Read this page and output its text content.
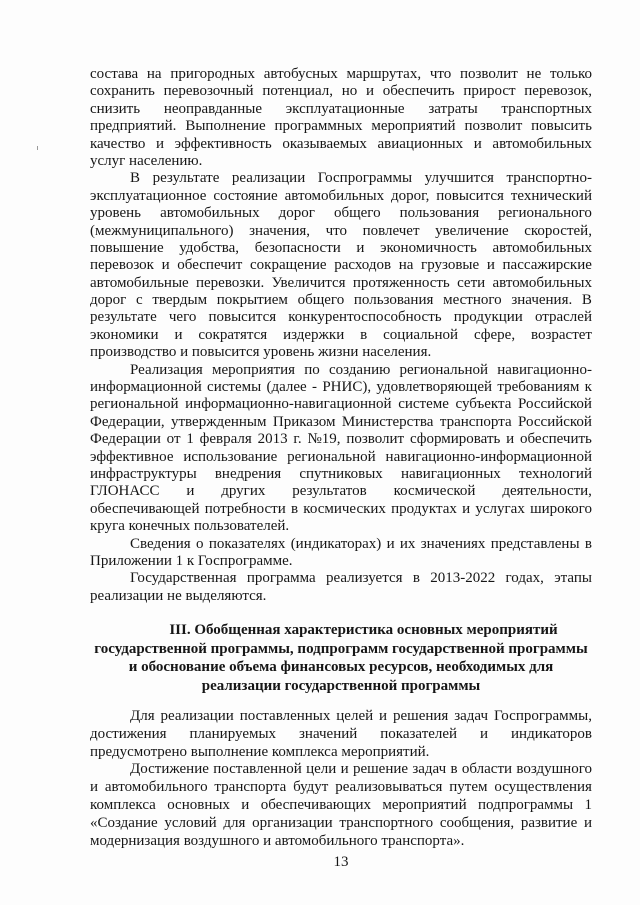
состава на пригородных автобусных маршрутах, что позволит не только
сохранить перевозочный потенциал, но и обеспечить прирост перевозок,
снизить неоправданные эксплуатационные затраты транспортных
предприятий. Выполнение программных мероприятий позволит повысить
качество и эффективность оказываемых авиационных и автомобильных
услуг населению.
В результате реализации Госпрограммы улучшится транспортно-
эксплуатационное состояние автомобильных дорог, повысится технический
уровень автомобильных дорог общего пользования регионального
(межмуниципального) значения, что повлечет увеличение скоростей,
повышение удобства, безопасности и экономичность автомобильных
перевозок и обеспечит сокращение расходов на грузовые и пассажирские
автомобильные перевозки. Увеличится протяженность сети автомобильных
дорог с твердым покрытием общего пользования местного значения. В
результате чего повысится конкурентоспособность продукции отраслей
экономики и сократятся издержки в социальной сфере, возрастет
производство и повысится уровень жизни населения.
Реализация мероприятия по созданию региональной навигационно-
информационной системы (далее - РНИС), удовлетворяющей требованиям к
региональной информационно-навигационной системе субъекта Российской
Федерации, утвержденным Приказом Министерства транспорта Российской
Федерации от 1 февраля 2013 г. №19, позволит сформировать и обеспечить
эффективное использование региональной навигационно-информационной
инфраструктуры внедрения спутниковых навигационных технологий
ГЛОНАСС и других результатов космической деятельности,
обеспечивающей потребности в космических продуктах и услугах широкого
круга конечных пользователей.
Сведения о показателях (индикаторах) и их значениях представлены в
Приложении 1 к Госпрограмме.
Государственная программа реализуется в 2013-2022 годах, этапы
реализации не выделяются.
III. Обобщенная характеристика основных мероприятий
государственной программы, подпрограмм государственной программы
и обоснование объема финансовых ресурсов, необходимых для
реализации государственной программы
Для реализации поставленных целей и решения задач Госпрограммы,
достижения планируемых значений показателей и индикаторов
предусмотрено выполнение комплекса мероприятий.
Достижение поставленной цели и решение задач в области воздушного
и автомобильного транспорта будут реализовываться путем осуществления
комплекса основных и обеспечивающих мероприятий подпрограммы 1
«Создание условий для организации транспортного сообщения, развитие и
модернизация воздушного и автомобильного транспорта».
13
